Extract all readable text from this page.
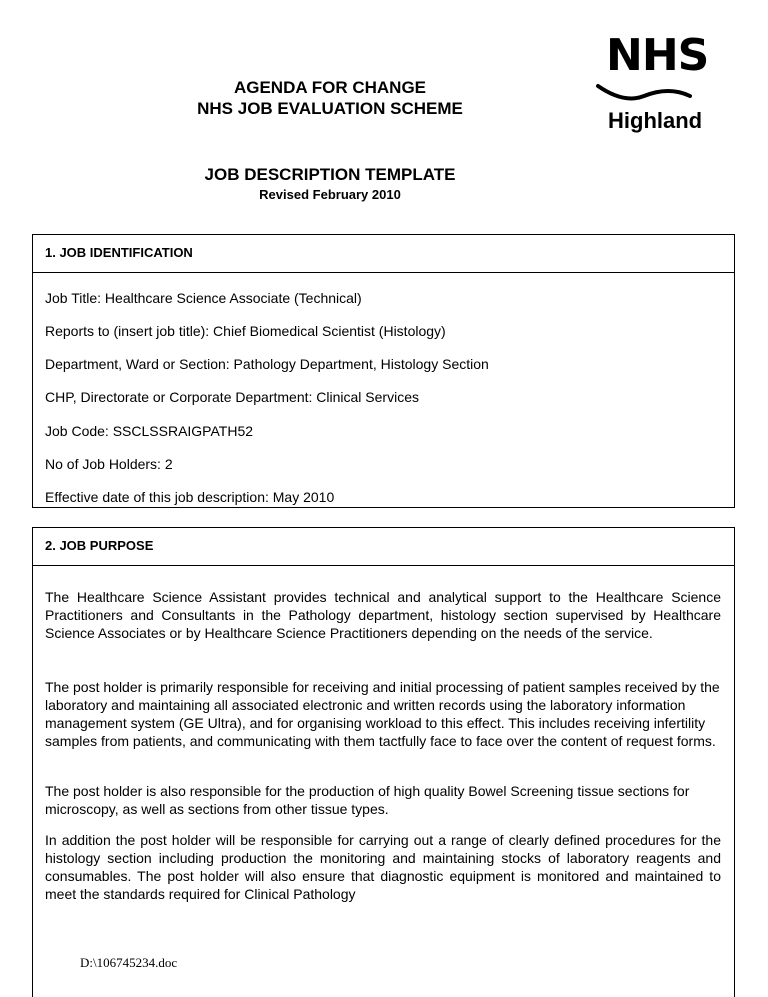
AGENDA FOR CHANGE
NHS JOB EVALUATION SCHEME
JOB DESCRIPTION TEMPLATE
Revised February 2010
NHS
Highland
1. JOB IDENTIFICATION
Job Title: Healthcare Science Associate (Technical)
Reports to (insert job title): Chief Biomedical Scientist (Histology)
Department, Ward or Section: Pathology Department, Histology Section
CHP, Directorate or Corporate Department: Clinical Services
Job Code: SSCLSSRAIGPATH52
No of Job Holders: 2
Effective date of this job description: May 2010
2. JOB PURPOSE
The Healthcare Science Assistant provides technical and analytical support to the Healthcare Science Practitioners and Consultants in the Pathology department, histology section supervised by Healthcare Science Associates or by Healthcare Science Practitioners depending on the needs of the service.
The post holder is primarily responsible for receiving and initial processing of patient samples received by the laboratory and maintaining all associated electronic and written records using the laboratory information management system (GE Ultra), and for organising workload to this effect. This includes receiving infertility samples from patients, and communicating with them tactfully face to face over the content of request forms.
The post holder is also responsible for the production of high quality Bowel Screening tissue sections for microscopy, as well as sections from other tissue types.
In addition the post holder will be responsible for carrying out a range of clearly defined procedures for the histology section including production the monitoring and maintaining stocks of laboratory reagents and consumables. The post holder will also ensure that diagnostic equipment is monitored and maintained to meet the standards required for Clinical Pathology
D:\106745234.doc
